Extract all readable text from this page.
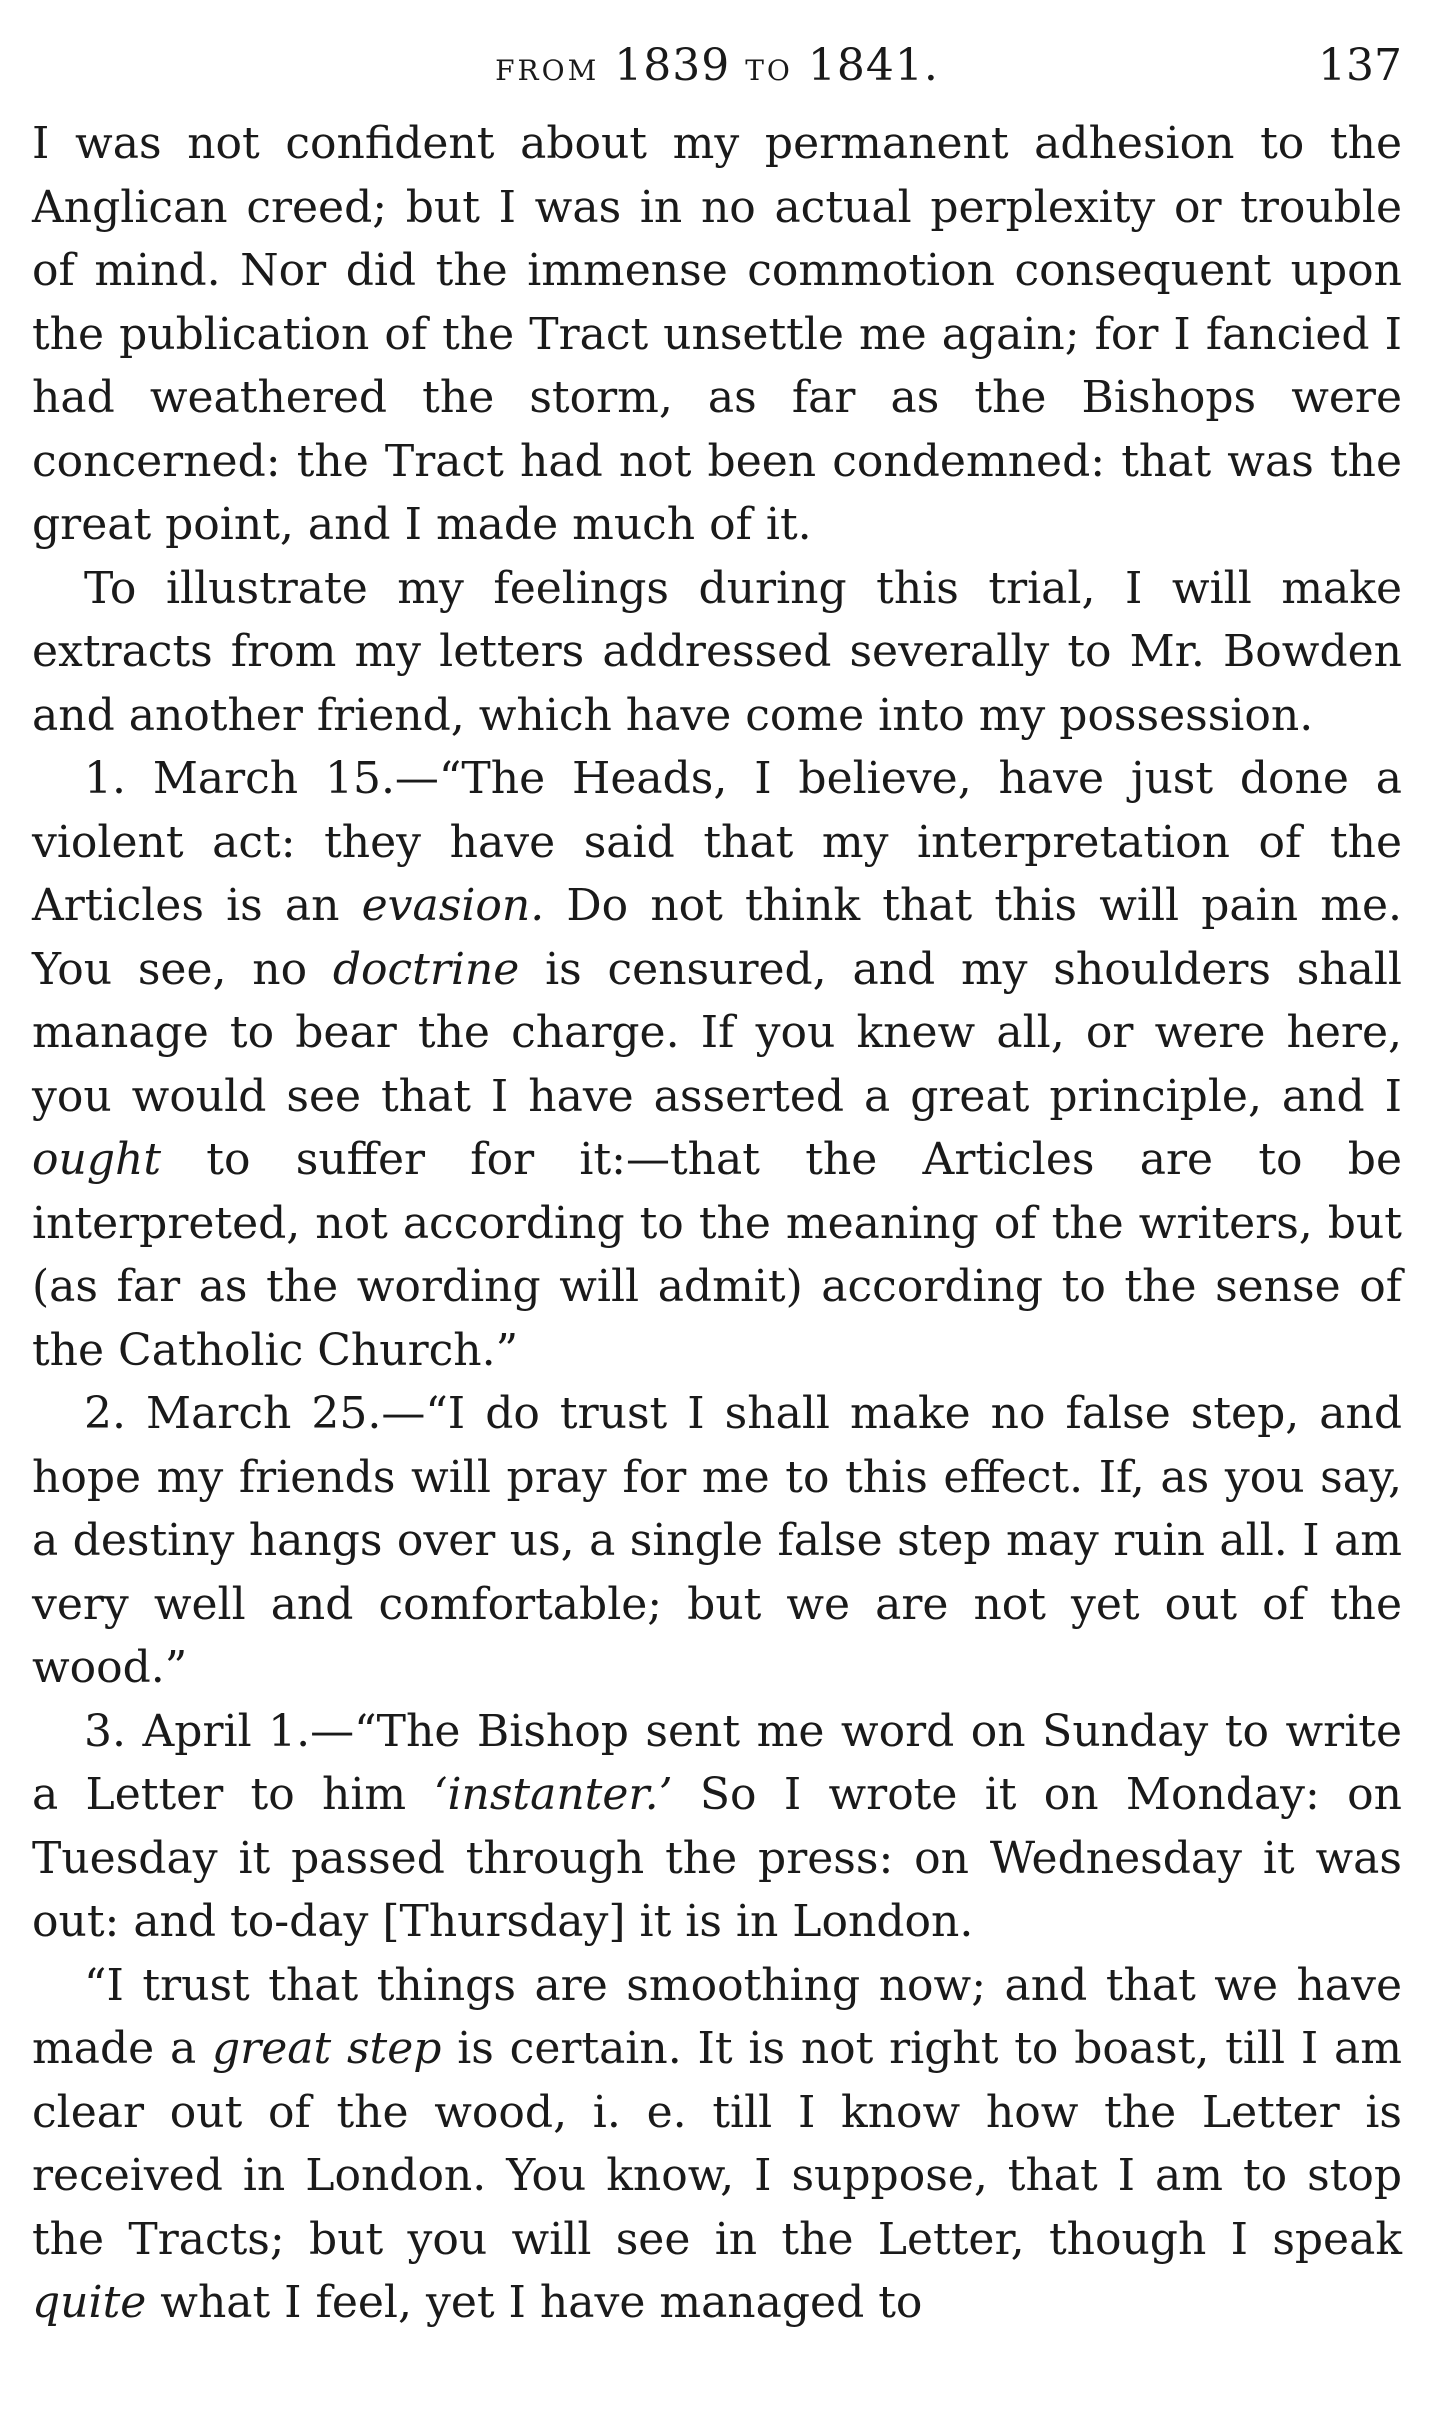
FROM 1839 TO 1841.	137

I was not confident about my permanent adhesion to the Anglican creed; but I was in no actual perplexity or trouble of mind. Nor did the immense commotion consequent upon the publication of the Tract unsettle me again; for I fancied I had weathered the storm, as far as the Bishops were concerned: the Tract had not been condemned: that was the great point, and I made much of it.

To illustrate my feelings during this trial, I will make extracts from my letters addressed severally to Mr. Bowden and another friend, which have come into my possession.

1. March 15.—“The Heads, I believe, have just done a violent act: they have said that my interpretation of the Articles is an evasion. Do not think that this will pain me. You see, no doctrine is censured, and my shoulders shall manage to bear the charge. If you knew all, or were here, you would see that I have asserted a great principle, and I ought to suffer for it:—that the Articles are to be interpreted, not according to the meaning of the writers, but (as far as the wording will admit) according to the sense of the Catholic Church.”

2. March 25.—“I do trust I shall make no false step, and hope my friends will pray for me to this effect. If, as you say, a destiny hangs over us, a single false step may ruin all. I am very well and comfortable; but we are not yet out of the wood.”

3. April 1.—“The Bishop sent me word on Sunday to write a Letter to him ‘instanter.’ So I wrote it on Monday: on Tuesday it passed through the press: on Wednesday it was out: and to-day [Thursday] it is in London.

“I trust that things are smoothing now; and that we have made a great step is certain. It is not right to boast, till I am clear out of the wood, i. e. till I know how the Letter is received in London. You know, I suppose, that I am to stop the Tracts; but you will see in the Letter, though I speak quite what I feel, yet I have managed to
